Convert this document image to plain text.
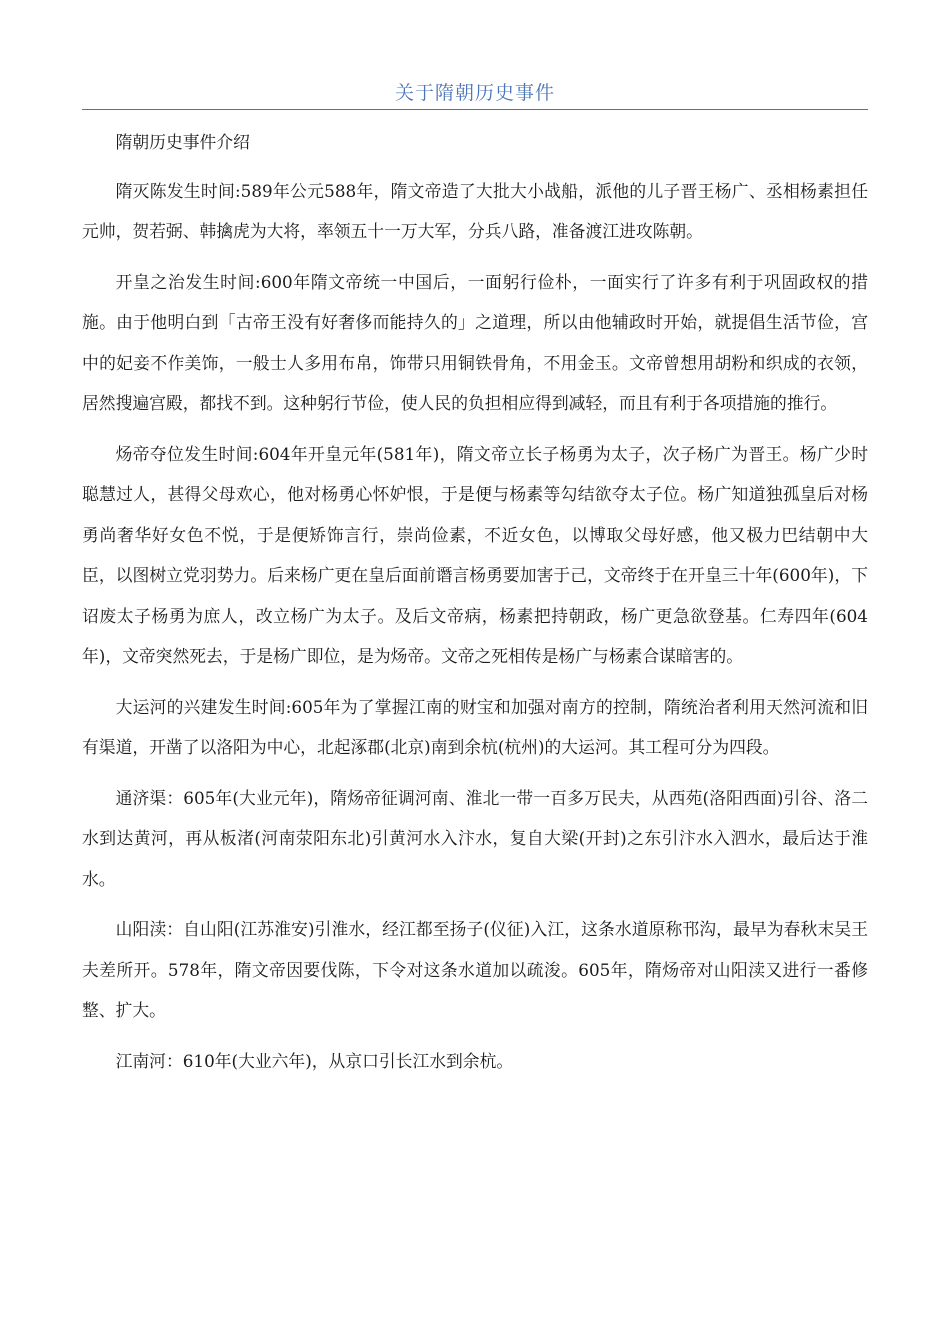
关于隋朝历史事件

隋朝历史事件介绍

隋灭陈发生时间:589年公元588年，隋文帝造了大批大小战船，派他的儿子晋王杨广、丞相杨素担任元帅，贺若弼、韩擒虎为大将，率领五十一万大军，分兵八路，准备渡江进攻陈朝。

开皇之治发生时间:600年隋文帝统一中国后，一面躬行俭朴，一面实行了许多有利于巩固政权的措施。由于他明白到「古帝王没有好奢侈而能持久的」之道理，所以由他辅政时开始，就提倡生活节俭，宫中的妃妾不作美饰，一般士人多用布帛，饰带只用铜铁骨角，不用金玉。文帝曾想用胡粉和织成的衣领，居然搜遍宫殿，都找不到。这种躬行节俭，使人民的负担相应得到减轻，而且有利于各项措施的推行。

炀帝夺位发生时间:604年开皇元年(581年)，隋文帝立长子杨勇为太子，次子杨广为晋王。杨广少时聪慧过人，甚得父母欢心，他对杨勇心怀妒恨，于是便与杨素等勾结欲夺太子位。杨广知道独孤皇后对杨勇尚奢华好女色不悦，于是便矫饰言行，崇尚俭素，不近女色，以博取父母好感，他又极力巴结朝中大臣，以图树立党羽势力。后来杨广更在皇后面前谮言杨勇要加害于己，文帝终于在开皇三十年(600年)，下诏废太子杨勇为庶人，改立杨广为太子。及后文帝病，杨素把持朝政，杨广更急欲登基。仁寿四年(604年)，文帝突然死去，于是杨广即位，是为炀帝。文帝之死相传是杨广与杨素合谋暗害的。

大运河的兴建发生时间:605年为了掌握江南的财宝和加强对南方的控制，隋统治者利用天然河流和旧有渠道，开凿了以洛阳为中心，北起涿郡(北京)南到余杭(杭州)的大运河。其工程可分为四段。

通济渠：605年(大业元年)，隋炀帝征调河南、淮北一带一百多万民夫，从西苑(洛阳西面)引谷、洛二水到达黄河，再从板渚(河南荥阳东北)引黄河水入汴水，复自大梁(开封)之东引汴水入泗水，最后达于淮水。

山阳渎：自山阳(江苏淮安)引淮水，经江都至扬子(仪征)入江，这条水道原称邗沟，最早为春秋末吴王夫差所开。578年，隋文帝因要伐陈，下令对这条水道加以疏浚。605年，隋炀帝对山阳渎又进行一番修整、扩大。

江南河：610年(大业六年)，从京口引长江水到余杭。
